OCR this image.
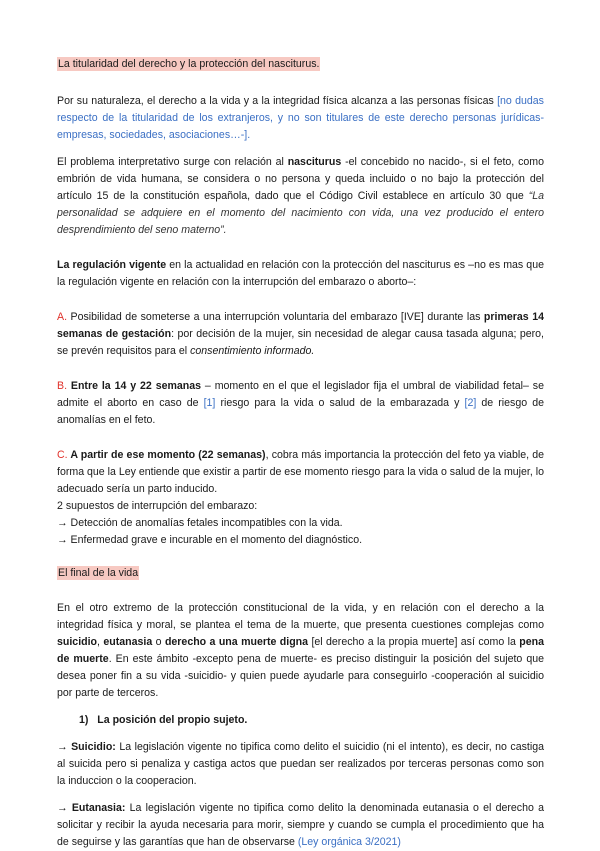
La titularidad del derecho y la protección del nasciturus.

Por su naturaleza, el derecho a la vida y a la integridad física alcanza a las personas físicas [no dudas respecto de la titularidad de los extranjeros, y no son titulares de este derecho personas jurídicas- empresas, sociedades, asociaciones…-].

El problema interpretativo surge con relación al nasciturus -el concebido no nacido-, si el feto, como embrión de vida humana, se considera o no persona y queda incluido o no bajo la protección del artículo 15 de la constitución española, dado que el Código Civil establece en artículo 30 que “La personalidad se adquiere en el momento del nacimiento con vida, una vez producido el entero desprendimiento del seno materno”.

La regulación vigente en la actualidad en relación con la protección del nasciturus es –no es mas que la regulación vigente en relación con la interrupción del embarazo o aborto–:

A. Posibilidad de someterse a una interrupción voluntaria del embarazo [IVE] durante las primeras 14 semanas de gestación: por decisión de la mujer, sin necesidad de alegar causa tasada alguna; pero, se prevén requisitos para el consentimiento informado.

B. Entre la 14 y 22 semanas – momento en el que el legislador fija el umbral de viabilidad fetal– se admite el aborto en caso de [1] riesgo para la vida o salud de la embarazada y [2] de riesgo de anomalías en el feto.

C. A partir de ese momento (22 semanas), cobra más importancia la protección del feto ya viable, de forma que la Ley entiende que existir a partir de ese momento riesgo para la vida o salud de la mujer, lo adecuado sería un parto inducido.

2 supuestos de interrupción del embarazo:

→ Detección de anomalías fetales incompatibles con la vida.

→ Enfermedad grave e incurable en el momento del diagnóstico.

El final de la vida

En el otro extremo de la protección constitucional de la vida, y en relación con el derecho a la integridad física y moral, se plantea el tema de la muerte, que presenta cuestiones complejas como suicidio, eutanasia o derecho a una muerte digna [el derecho a la propia muerte] así como la pena de muerte. En este ámbito -excepto pena de muerte- es preciso distinguir la posición del sujeto que desea poner fin a su vida -suicidio- y quien puede ayudarle para conseguirlo -cooperación al suicidio por parte de terceros.

1) La posición del propio sujeto.

→ Suicidio: La legislación vigente no tipifica como delito el suicidio (ni el intento), es decir, no castiga al suicida pero si penaliza y castiga actos que puedan ser realizados por terceras personas como son la induccion o la cooperacion.

→ Eutanasia: La legislación vigente no tipifica como delito la denominada eutanasia o el derecho a solicitar y recibir la ayuda necesaria para morir, siempre y cuando se cumpla el procedimiento que ha de seguirse y las garantías que han de observarse (Ley orgánica 3/2021)
